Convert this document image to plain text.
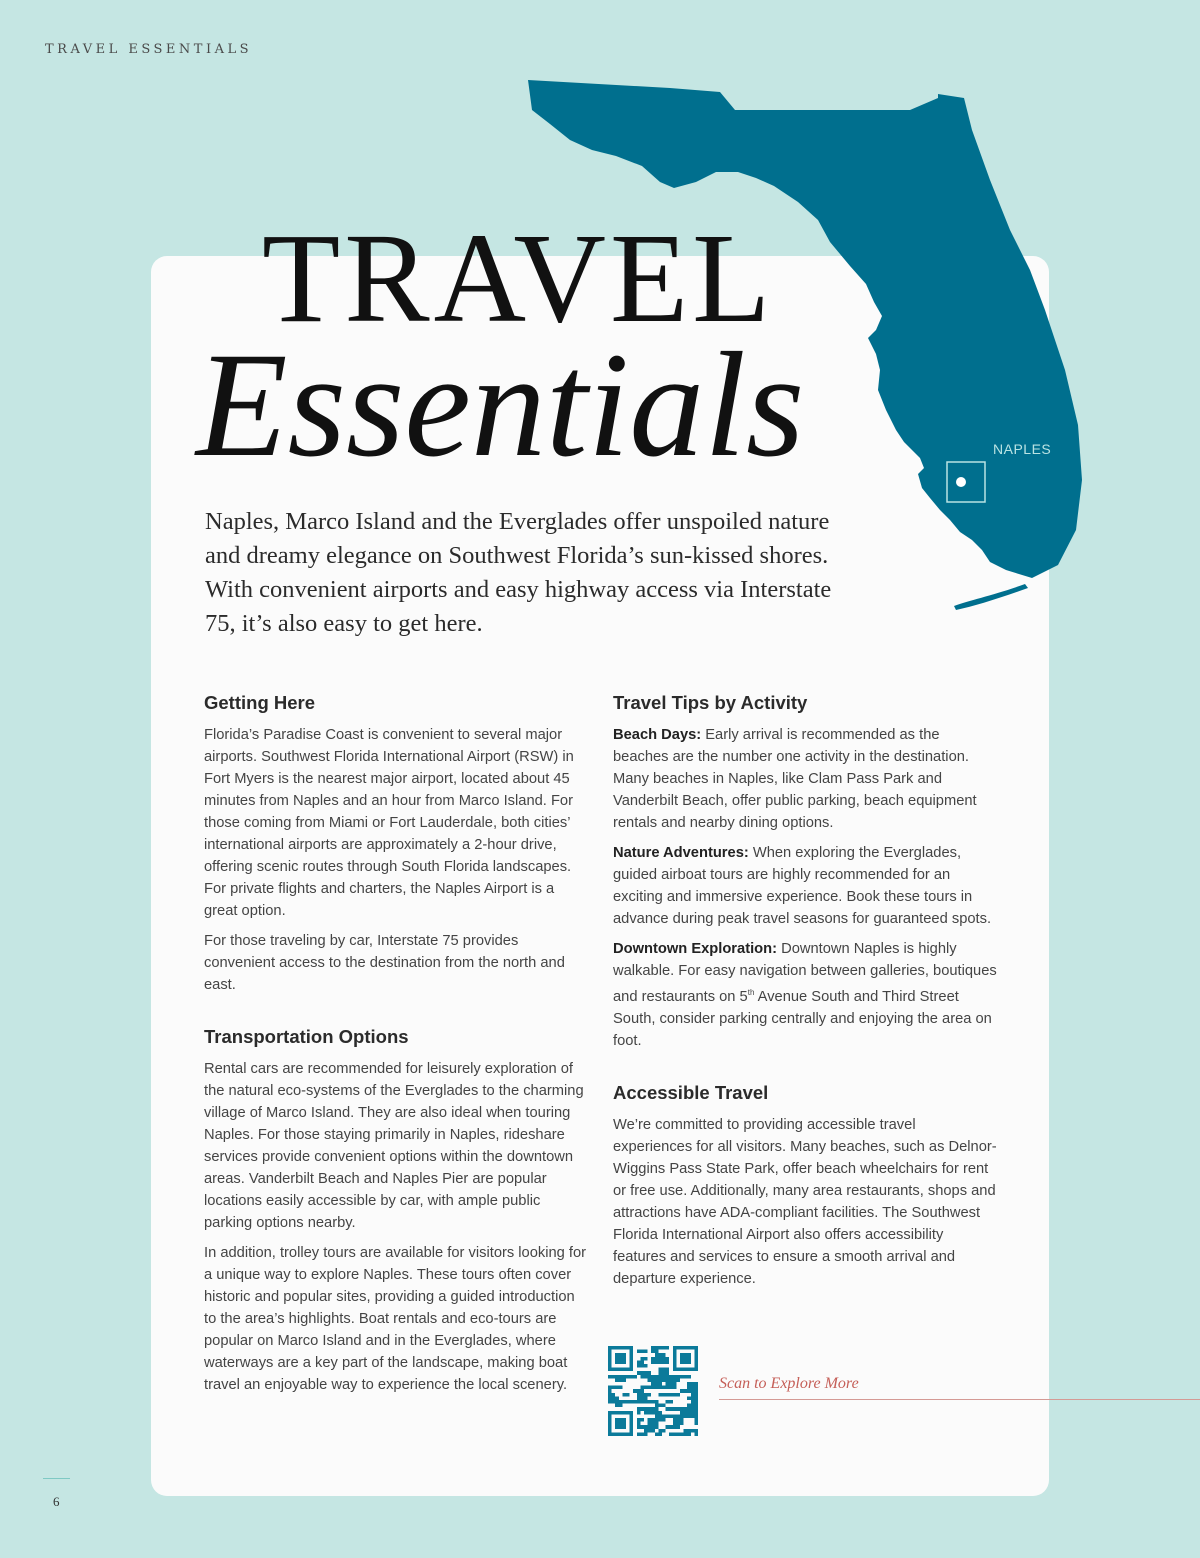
TRAVEL ESSENTIALS
NAPLES
TRAVEL
Essentials
Naples, Marco Island and the Everglades offer unspoiled nature and dreamy elegance on Southwest Florida’s sun-kissed shores. With convenient airports and easy highway access via Interstate 75, it’s also easy to get here.
Getting Here

Florida’s Paradise Coast is convenient to several major airports. Southwest Florida International Airport (RSW) in Fort Myers is the nearest major airport, located about 45 minutes from Naples and an hour from Marco Island. For those coming from Miami or Fort Lauderdale, both cities’ international airports are approximately a 2-hour drive, offering scenic routes through South Florida landscapes. For private flights and charters, the Naples Airport is a great option.

For those traveling by car, Interstate 75 provides convenient access to the destination from the north and east.

Transportation Options

Rental cars are recommended for leisurely exploration of the natural eco-systems of the Everglades to the charming village of Marco Island. They are also ideal when touring Naples. For those staying primarily in Naples, rideshare services provide convenient options within the downtown areas. Vanderbilt Beach and Naples Pier are popular locations easily accessible by car, with ample public parking options nearby.

In addition, trolley tours are available for visitors looking for a unique way to explore Naples. These tours often cover historic and popular sites, providing a guided introduction to the area’s highlights. Boat rentals and eco-tours are popular on Marco Island and in the Everglades, where waterways are a key part of the landscape, making boat travel an enjoyable way to experience the local scenery.

Travel Tips by Activity

Beach Days: Early arrival is recommended as the beaches are the number one activity in the destination. Many beaches in Naples, like Clam Pass Park and Vanderbilt Beach, offer public parking, beach equipment rentals and nearby dining options.

Nature Adventures: When exploring the Everglades, guided airboat tours are highly recommended for an exciting and immersive experience. Book these tours in advance during peak travel seasons for guaranteed spots.

Downtown Exploration: Downtown Naples is highly walkable. For easy navigation between galleries, boutiques and restaurants on 5th Avenue South and Third Street South, consider parking centrally and enjoying the area on foot.

Accessible Travel

We’re committed to providing accessible travel experiences for all visitors. Many beaches, such as Delnor-Wiggins Pass State Park, offer beach wheelchairs for rent or free use. Additionally, many area restaurants, shops and attractions have ADA-compliant facilities. The Southwest Florida International Airport also offers accessibility features and services to ensure a smooth arrival and departure experience.

Scan to Explore More
6
